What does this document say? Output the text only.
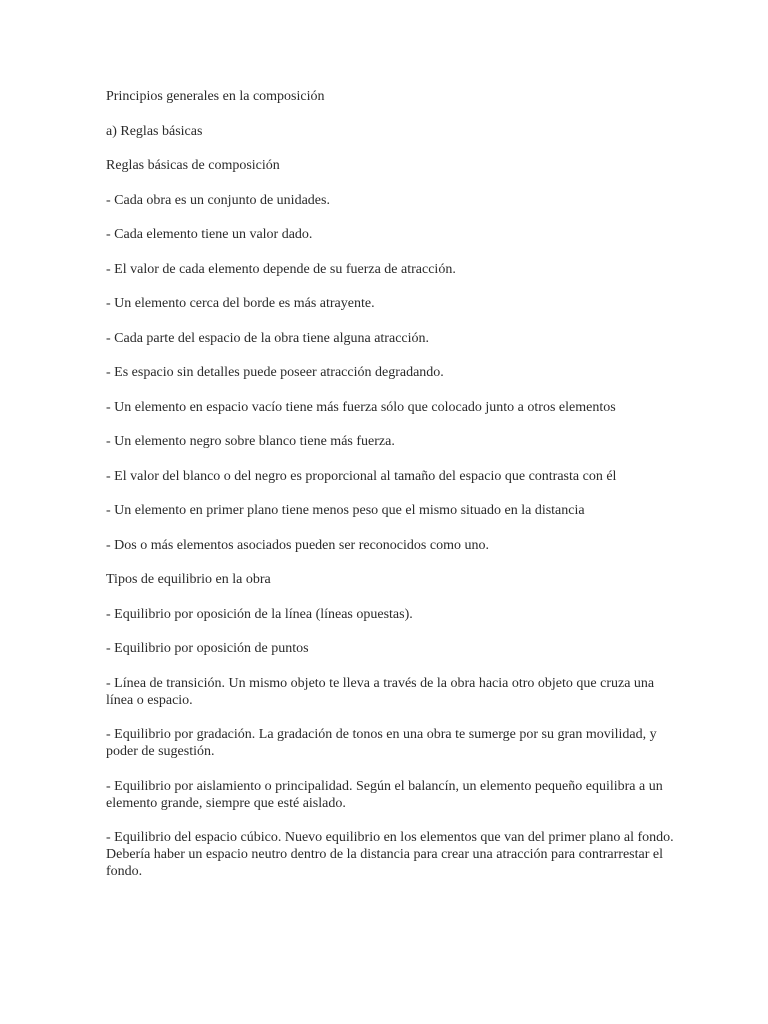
Principios generales en la composición

a) Reglas básicas

Reglas básicas de composición

- Cada obra es un conjunto de unidades.

- Cada elemento tiene un valor dado.

- El valor de cada elemento depende de su fuerza de atracción.

- Un elemento cerca del borde es más atrayente.

- Cada parte del espacio de la obra tiene alguna atracción.

- Es espacio sin detalles puede poseer atracción degradando.

- Un elemento en espacio vacío tiene más fuerza sólo que colocado junto a otros elementos

- Un elemento negro sobre blanco tiene más fuerza.

- El valor del blanco o del negro es proporcional al tamaño del espacio que contrasta con él

- Un elemento en primer plano tiene menos peso que el mismo situado en la distancia

- Dos o más elementos asociados pueden ser reconocidos como uno.

Tipos de equilibrio en la obra

- Equilibrio por oposición de la línea (líneas opuestas).

- Equilibrio por oposición de puntos

- Línea de transición. Un mismo objeto te lleva a través de la obra hacia otro objeto que cruza una línea o espacio.

- Equilibrio por gradación. La gradación de tonos en una obra te sumerge por su gran movilidad, y poder de sugestión.

- Equilibrio por aislamiento o principalidad. Según el balancín, un elemento pequeño equilibra a un elemento grande, siempre que esté aislado.

- Equilibrio del espacio cúbico. Nuevo equilibrio en los elementos que van del primer plano al fondo. Debería haber un espacio neutro dentro de la distancia para crear una atracción para contrarrestar el fondo.
